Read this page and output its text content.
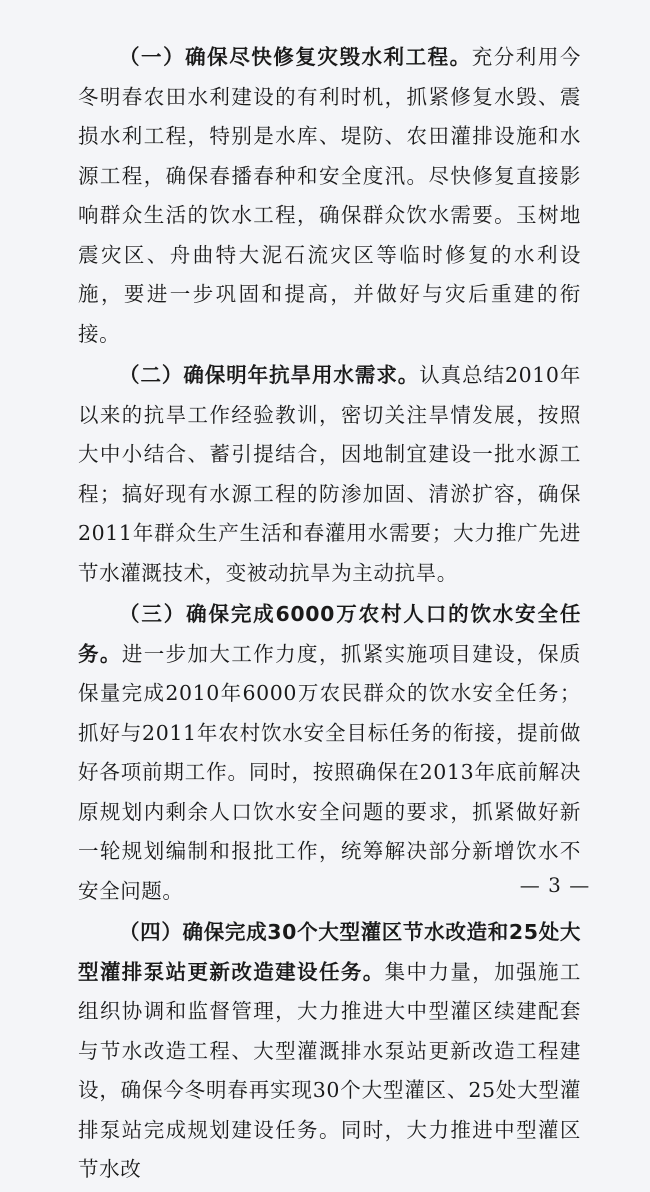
（一）确保尽快修复灾毁水利工程。充分利用今冬明春农田水利建设的有利时机，抓紧修复水毁、震损水利工程，特别是水库、堤防、农田灌排设施和水源工程，确保春播春种和安全度汛。尽快修复直接影响群众生活的饮水工程，确保群众饮水需要。玉树地震灾区、舟曲特大泥石流灾区等临时修复的水利设施，要进一步巩固和提高，并做好与灾后重建的衔接。

（二）确保明年抗旱用水需求。认真总结2010年以来的抗旱工作经验教训，密切关注旱情发展，按照大中小结合、蓄引提结合，因地制宜建设一批水源工程；搞好现有水源工程的防渗加固、清淤扩容，确保2011年群众生产生活和春灌用水需要；大力推广先进节水灌溉技术，变被动抗旱为主动抗旱。

（三）确保完成6000万农村人口的饮水安全任务。进一步加大工作力度，抓紧实施项目建设，保质保量完成2010年6000万农民群众的饮水安全任务；抓好与2011年农村饮水安全目标任务的衔接，提前做好各项前期工作。同时，按照确保在2013年底前解决原规划内剩余人口饮水安全问题的要求，抓紧做好新一轮规划编制和报批工作，统筹解决部分新增饮水不安全问题。

（四）确保完成30个大型灌区节水改造和25处大型灌排泵站更新改造建设任务。集中力量，加强施工组织协调和监督管理，大力推进大中型灌区续建配套与节水改造工程、大型灌溉排水泵站更新改造工程建设，确保今冬明春再实现30个大型灌区、25处大型灌排泵站完成规划建设任务。同时，大力推进中型灌区节水改

— 3 —
